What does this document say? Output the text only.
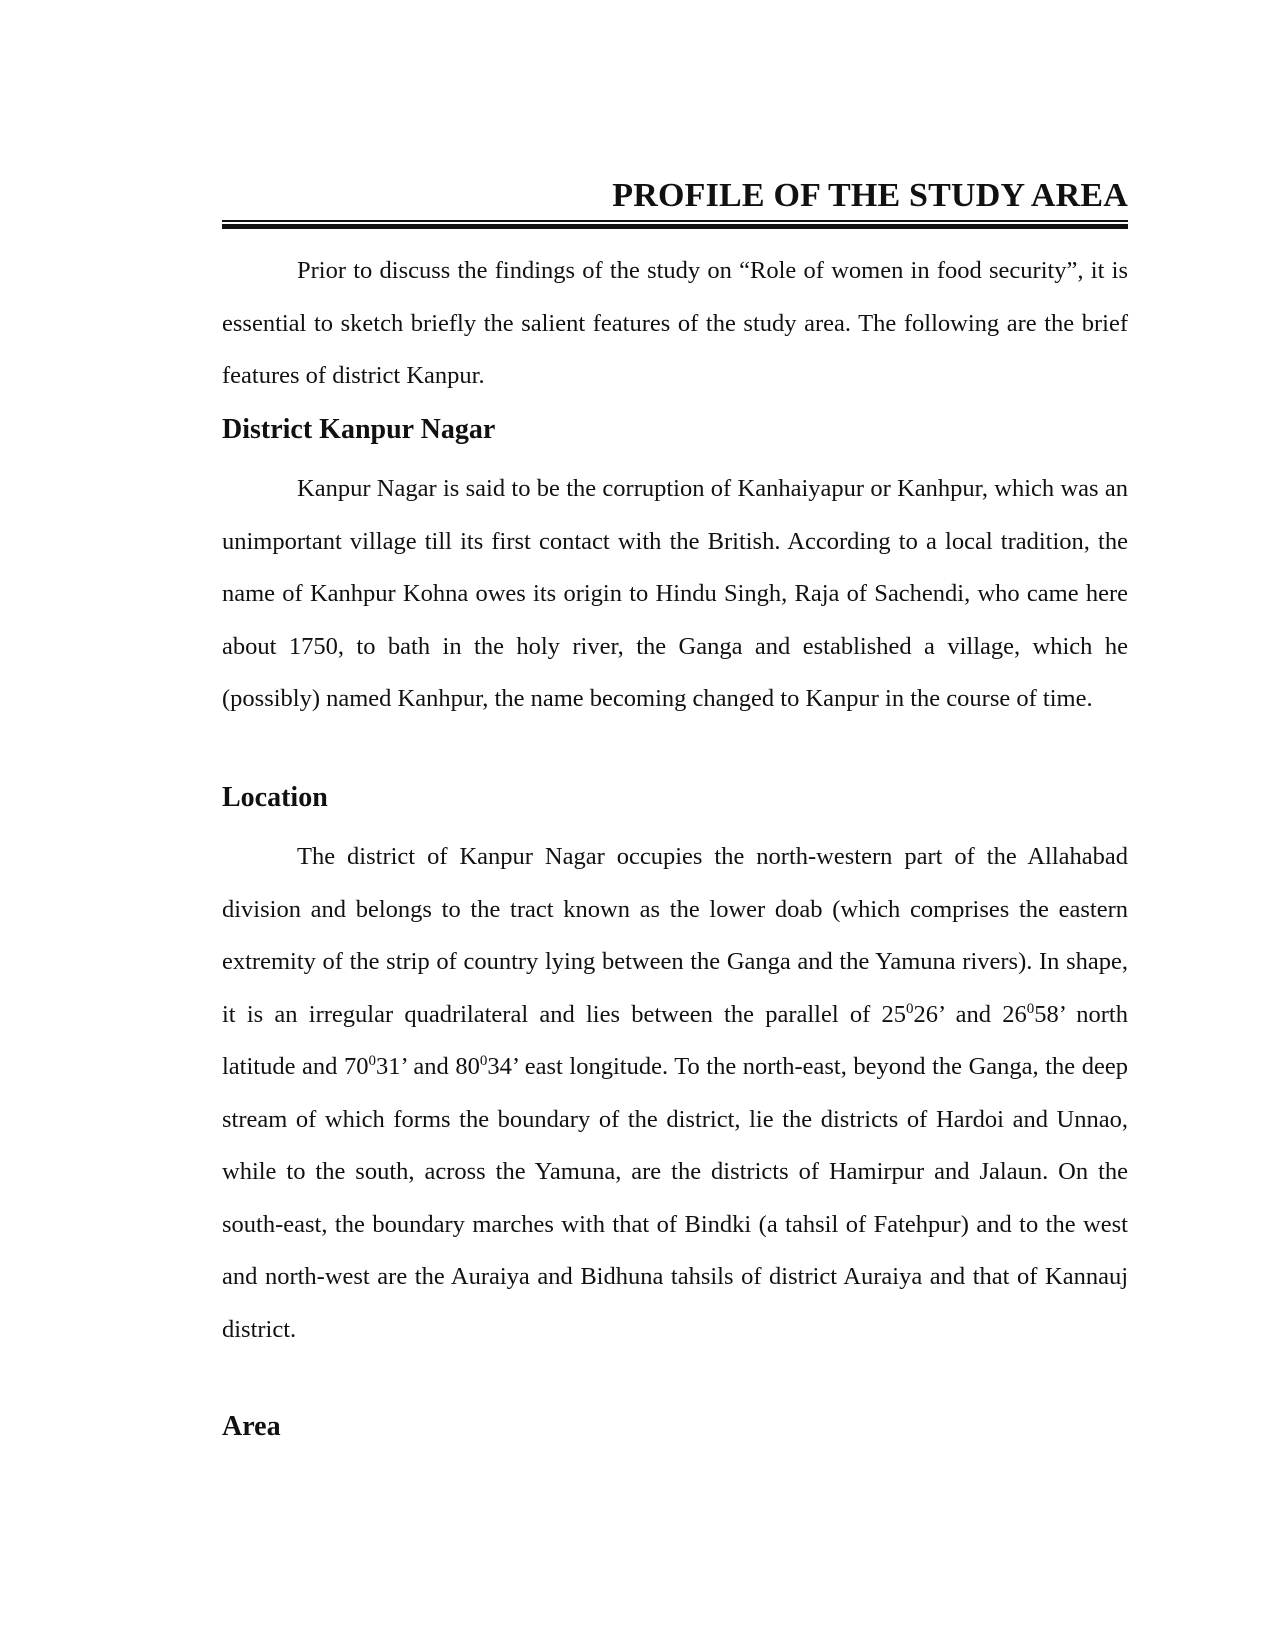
PROFILE OF THE STUDY AREA

Prior to discuss the findings of the study on “Role of women in food security”, it is essential to sketch briefly the salient features of the study area. The following are the brief features of district Kanpur.

District Kanpur Nagar

Kanpur Nagar is said to be the corruption of Kanhaiyapur or Kanhpur, which was an unimportant village till its first contact with the British. According to a local tradition, the name of Kanhpur Kohna owes its origin to Hindu Singh, Raja of Sachendi, who came here about 1750, to bath in the holy river, the Ganga and established a village, which he (possibly) named Kanhpur, the name becoming changed to Kanpur in the course of time.

Location

The district of Kanpur Nagar occupies the north-western part of the Allahabad division and belongs to the tract known as the lower doab (which comprises the eastern extremity of the strip of country lying between the Ganga and the Yamuna rivers). In shape, it is an irregular quadrilateral and lies between the parallel of $25^026$’ and $26^058$’ north latitude and $70^031$’ and $80^034$’ east longitude. To the north-east, beyond the Ganga, the deep stream of which forms the boundary of the district, lie the districts of Hardoi and Unnao, while to the south, across the Yamuna, are the districts of Hamirpur and Jalaun. On the south-east, the boundary marches with that of Bindki (a tahsil of Fatehpur) and to the west and north-west are the Auraiya and Bidhuna tahsils of district Auraiya and that of Kannauj district.

Area
